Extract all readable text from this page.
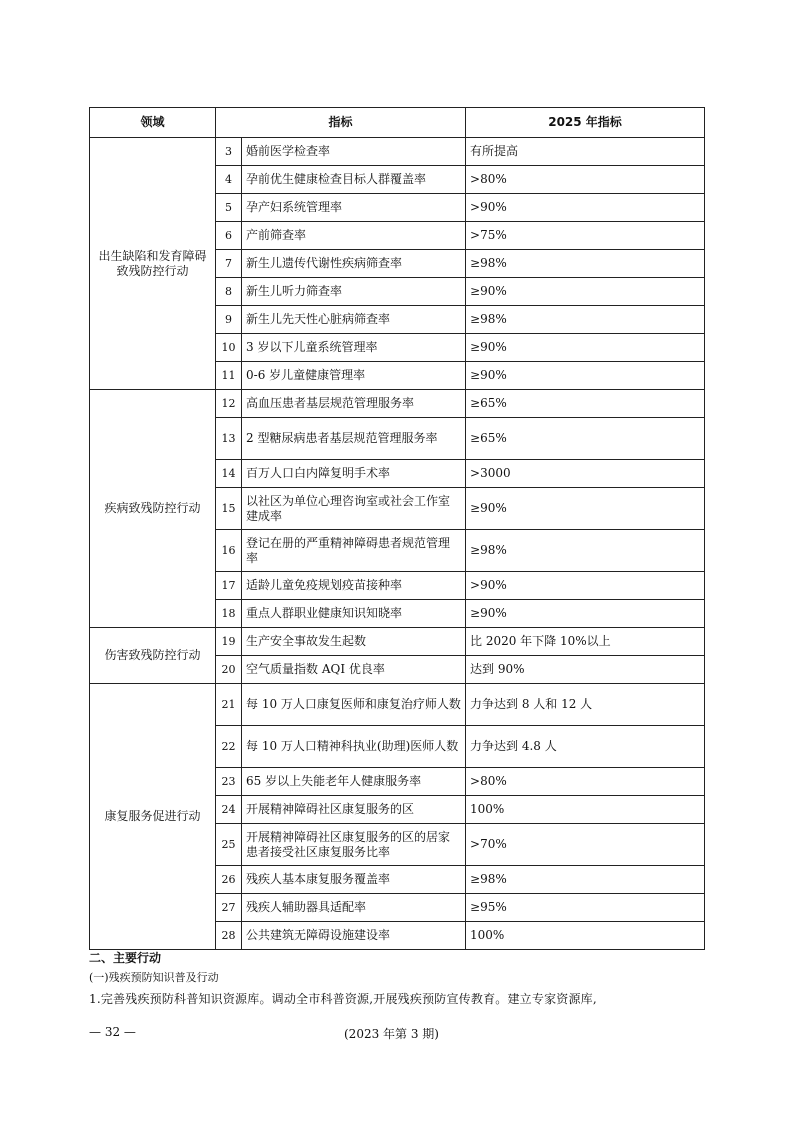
领域	指标		2025 年指标
出生缺陷和发育障碍致残防控行动	3	婚前医学检查率	有所提高
	4	孕前优生健康检查目标人群覆盖率	>80%
	5	孕产妇系统管理率	>90%
	6	产前筛查率	>75%
	7	新生儿遗传代谢性疾病筛查率	≥98%
	8	新生儿听力筛查率	≥90%
	9	新生儿先天性心脏病筛查率	≥98%
	10	3 岁以下儿童系统管理率	≥90%
	11	0-6 岁儿童健康管理率	≥90%
疾病致残防控行动	12	高血压患者基层规范管理服务率	≥65%
	13	2 型糖尿病患者基层规范管理服务率	≥65%
	14	百万人口白内障复明手术率	>3000
	15	以社区为单位心理咨询室或社会工作室建成率	≥90%
	16	登记在册的严重精神障碍患者规范管理率	≥98%
	17	适龄儿童免疫规划疫苗接种率	>90%
	18	重点人群职业健康知识知晓率	≥90%
伤害致残防控行动	19	生产安全事故发生起数	比 2020 年下降 10%以上
	20	空气质量指数 AQI 优良率	达到 90%
康复服务促进行动	21	每 10 万人口康复医师和康复治疗师人数	力争达到 8 人和 12 人
	22	每 10 万人口精神科执业(助理)医师人数	力争达到 4.8 人
	23	65 岁以上失能老年人健康服务率	>80%
	24	开展精神障碍社区康复服务的区	100%
	25	开展精神障碍社区康复服务的区的居家患者接受社区康复服务比率	>70%
	26	残疾人基本康复服务覆盖率	≥98%
	27	残疾人辅助器具适配率	≥95%
	28	公共建筑无障碍设施建设率	100%
二、主要行动
(一)残疾预防知识普及行动
1.完善残疾预防科普知识资源库。调动全市科普资源,开展残疾预防宣传教育。建立专家资源库,
— 32 —	(2023 年第 3 期)
